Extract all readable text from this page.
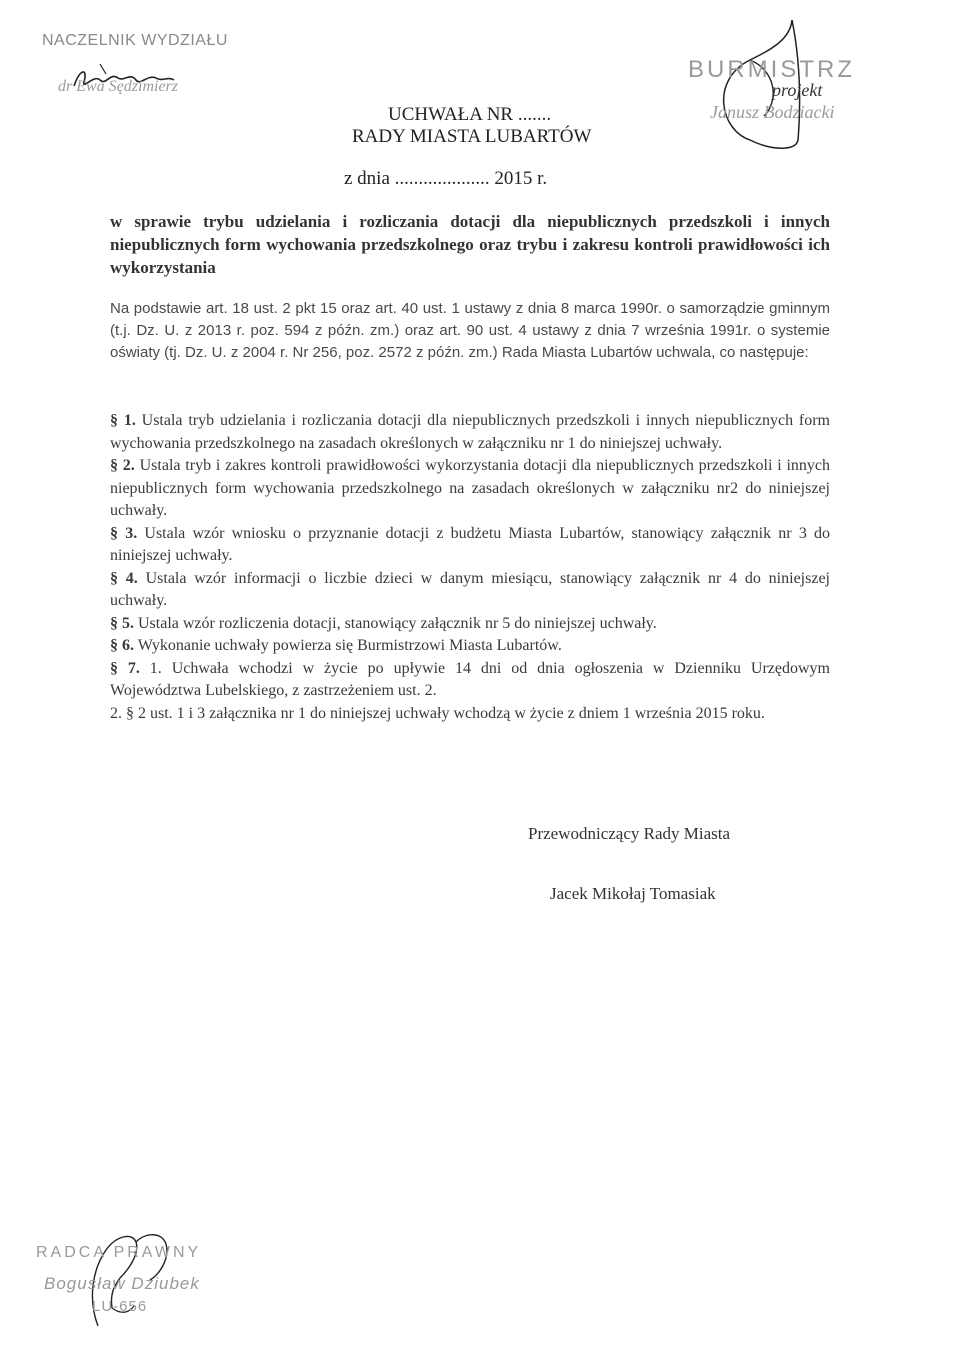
NACZELNIK WYDZIAŁU
dr Ewa Sędzimierz
BURMISTRZ
Janusz Bodziacki
projekt
UCHWAŁA NR .......
RADY MIASTA LUBARTÓW
z dnia .................... 2015 r.
w sprawie trybu udzielania i rozliczania dotacji dla niepublicznych przedszkoli i innych niepublicznych form wychowania przedszkolnego oraz trybu i zakresu kontroli prawidłowości ich wykorzystania
Na podstawie art. 18 ust. 2 pkt 15 oraz art. 40 ust. 1 ustawy z dnia 8 marca 1990r. o samorządzie gminnym (t.j. Dz. U. z 2013 r. poz. 594 z późn. zm.) oraz art. 90 ust. 4 ustawy z dnia 7 września 1991r. o systemie oświaty (tj. Dz. U. z 2004 r. Nr 256, poz. 2572 z późn. zm.) Rada Miasta Lubartów uchwala, co następuje:
§ 1. Ustala tryb udzielania i rozliczania dotacji dla niepublicznych przedszkoli i innych niepublicznych form wychowania przedszkolnego na zasadach określonych w załączniku nr 1 do niniejszej uchwały.
§ 2. Ustala tryb i zakres kontroli prawidłowości wykorzystania dotacji dla niepublicznych przedszkoli i innych niepublicznych form wychowania przedszkolnego na zasadach określonych w załączniku nr2 do niniejszej uchwały.
§ 3. Ustala wzór wniosku o przyznanie dotacji z budżetu Miasta Lubartów, stanowiący załącznik nr 3 do niniejszej uchwały.
§ 4. Ustala wzór informacji o liczbie dzieci w danym miesiącu, stanowiący załącznik nr 4 do niniejszej uchwały.
§ 5. Ustala wzór rozliczenia dotacji, stanowiący załącznik nr 5 do niniejszej uchwały.
§ 6. Wykonanie uchwały powierza się Burmistrzowi Miasta Lubartów.
§ 7. 1. Uchwała wchodzi w życie po upływie 14 dni od dnia ogłoszenia w Dzienniku Urzędowym Województwa Lubelskiego, z zastrzeżeniem ust. 2.
2. § 2 ust. 1 i 3 załącznika nr 1 do niniejszej uchwały wchodzą w życie z dniem 1 września 2015 roku.
Przewodniczący Rady Miasta
Jacek Mikołaj Tomasiak
RADCA PRAWNY
Bogusław Dziubek
LU-656
